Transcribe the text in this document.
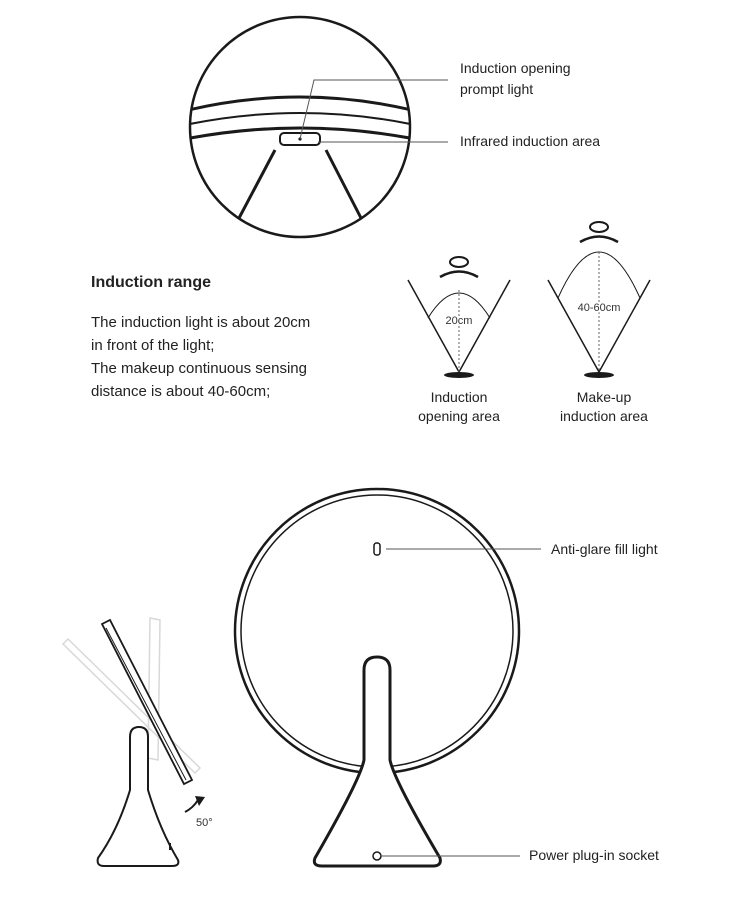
20cm
40-60cm
50°
Induction opening
prompt light
Infrared induction area
Induction range
The induction light is about 20cm
in front of the light;
The makeup continuous sensing
distance is about 40-60cm;	Induction
opening area
Make-up
induction area
Anti-glare fill light
Power plug-in socket
